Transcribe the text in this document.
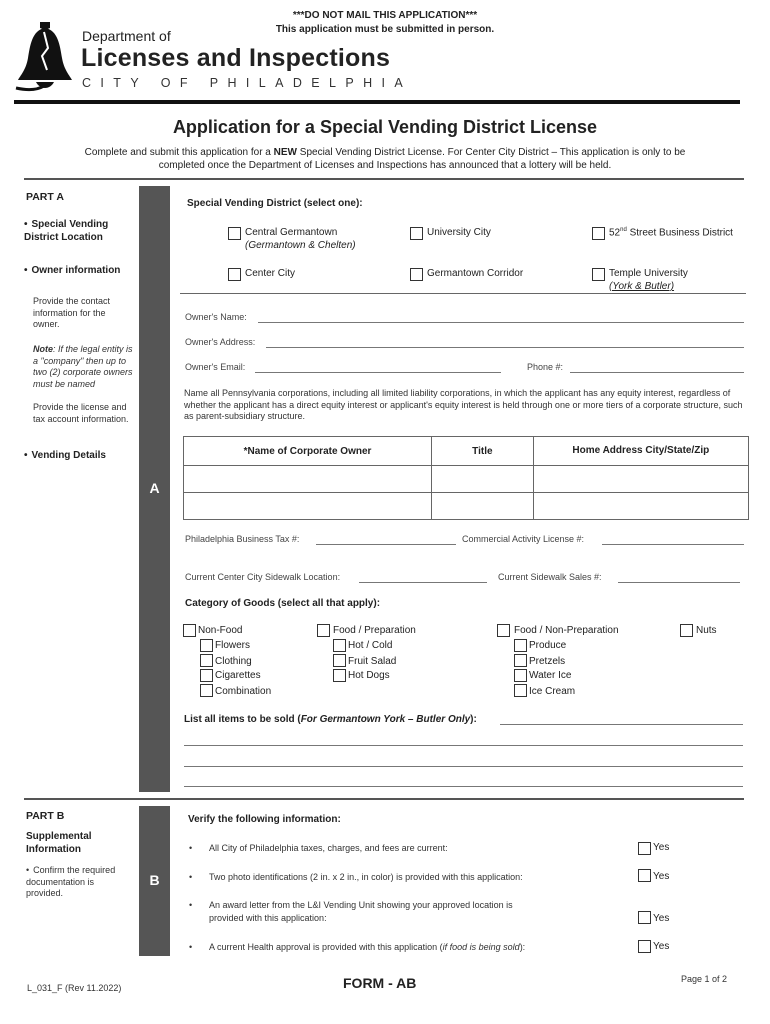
***DO NOT MAIL THIS APPLICATION***
This application must be submitted in person.
Department of
Licenses and Inspections
CITY OF PHILADELPHIA
Application for a Special Vending District License
Complete and submit this application for a NEW Special Vending District License. For Center City District – This application is only to be
completed once the Department of Licenses and Inspections has announced that a lottery will be held.
PART A
• Special Vending District Location
• Owner information
Provide the contact information for the owner.
Note: If the legal entity is a "company" then up to two (2) corporate owners must be named
Provide the license and tax account information.
• Vending Details
A
Special Vending District (select one):
Central Germantown
(Germantown & Chelten)
University City	52nd Street Business District
Center City	Germantown Corridor	Temple University
(York & Butler)
Owner's Name:
Owner's Address:
Owner's Email:	Phone #:
Name all Pennsylvania corporations, including all limited liability corporations, in which the applicant has any equity interest, regardless of whether the applicant has a direct equity interest or applicant's equity interest is held through one or more tiers of a corporate structure, such as parent-subsidiary structure.
*Name of Corporate Owner	Title	Home Address City/State/Zip

Philadelphia Business Tax #:	Commercial Activity License #:
Current Center City Sidewalk Location:	Current Sidewalk Sales #:
Category of Goods (select all that apply):
Non-Food
Flowers
Clothing
Cigarettes
Combination
Food / Preparation
Hot / Cold
Fruit Salad
Hot Dogs
Food / Non-Preparation
Produce
Pretzels
Water Ice
Ice Cream
Nuts
List all items to be sold (For Germantown York – Butler Only):
PART B
Supplemental Information
• Confirm the required documentation is provided.
B
Verify the following information:
• All City of Philadelphia taxes, charges, and fees are current:	Yes
• Two photo identifications (2 in. x 2 in., in color) is provided with this application:	Yes
• An award letter from the L&I Vending Unit showing your approved location is
provided with this application:	Yes
• A current Health approval is provided with this application (if food is being sold):	Yes
L_031_F (Rev 11.2022)	FORM - AB	Page 1 of 2
